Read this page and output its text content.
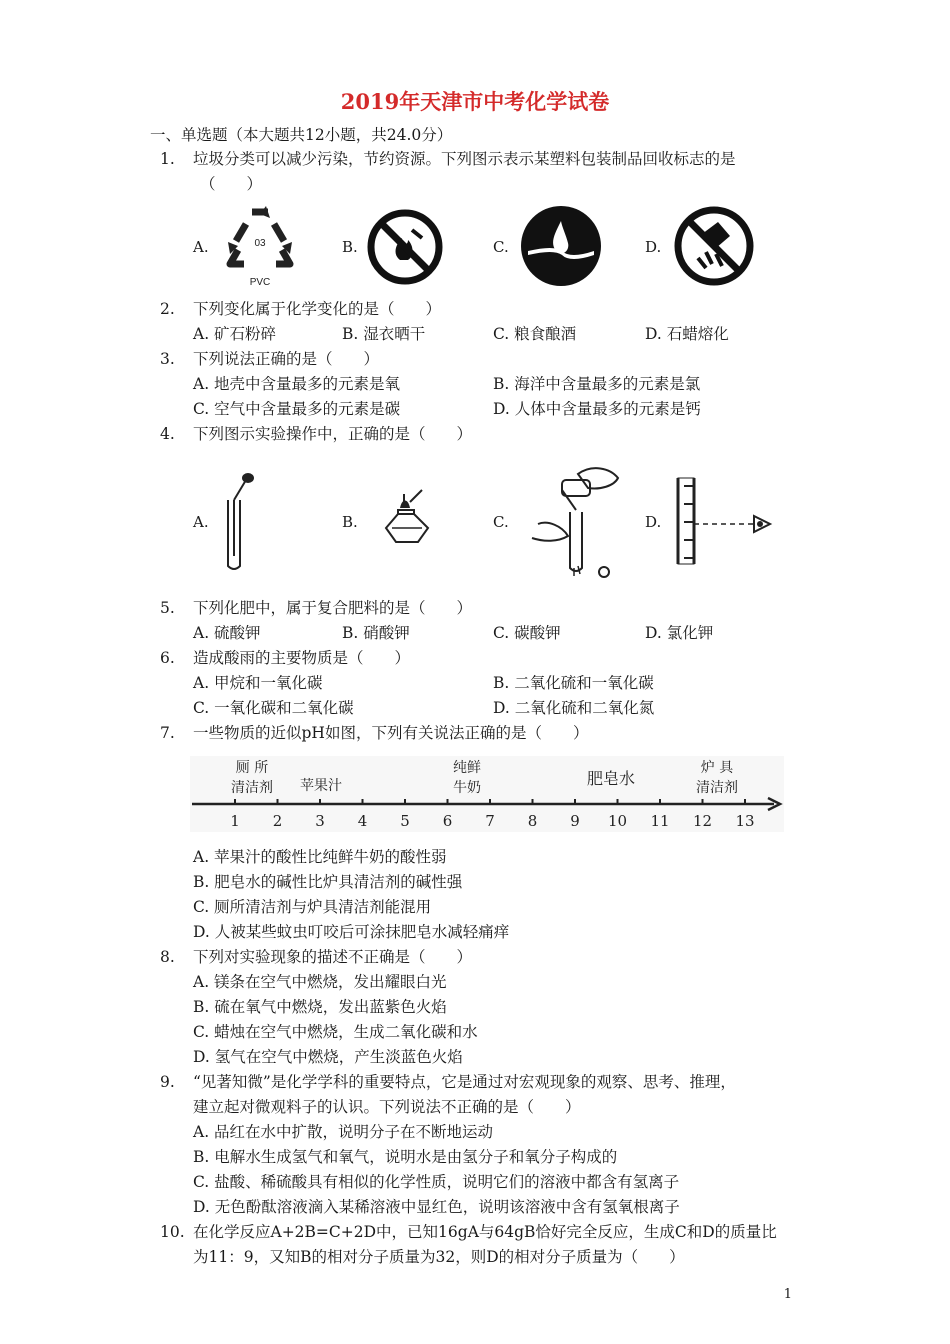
2019年天津市中考化学试卷
一、单选题（本大题共12小题，共24.0分）
1. 垃圾分类可以减少污染，节约资源。下列图示表示某塑料包装制品回收标志的是
（　　）
A.	03
PVC
B.	C.	D.
2. 下列变化属于化学变化的是（　　）
A. 矿石粉碎	B. 湿衣晒干	C. 粮食酿酒	D. 石蜡熔化
3. 下列说法正确的是（　　）
A. 地壳中含量最多的元素是氧	B. 海洋中含量最多的元素是氯
C. 空气中含量最多的元素是碳	D. 人体中含量最多的元素是钙
4. 下列图示实验操作中，正确的是（　　）
A.	B.	C.	D.
5. 下列化肥中，属于复合肥料的是（　　）
A. 硫酸钾	B. 硝酸钾	C. 碳酸钾	D. 氯化钾
6. 造成酸雨的主要物质是（　　）
A. 甲烷和一氧化碳	B. 二氧化硫和一氧化碳
C. 一氧化碳和二氧化碳	D. 二氧化硫和二氧化氮
7. 一些物质的近似pH如图，下列有关说法正确的是（　　）
1 2 3 4 5 6 7 8 9 10 11 12 13
厕 所
清洁剂 苹果汁
纯鲜
牛奶	肥皂水
炉 具
清洁剂
A. 苹果汁的酸性比纯鲜牛奶的酸性弱
B. 肥皂水的碱性比炉具清洁剂的碱性强
C. 厕所清洁剂与炉具清洁剂能混用
D. 人被某些蚊虫叮咬后可涂抹肥皂水减轻痛痒
8. 下列对实验现象的描述不正确是（　　）
A. 镁条在空气中燃烧，发出耀眼白光
B. 硫在氧气中燃烧，发出蓝紫色火焰
C. 蜡烛在空气中燃烧，生成二氧化碳和水
D. 氢气在空气中燃烧，产生淡蓝色火焰
9. “见著知微”是化学学科的重要特点，它是通过对宏观现象的观察、思考、推理，
建立起对微观料子的认识。下列说法不正确的是（　　）
A. 品红在水中扩散，说明分子在不断地运动
B. 电解水生成氢气和氧气，说明水是由氢分子和氧分子构成的
C. 盐酸、稀硫酸具有相似的化学性质，说明它们的溶液中都含有氢离子
D. 无色酚酞溶液滴入某稀溶液中显红色，说明该溶液中含有氢氧根离子
10. 在化学反应A+2B=C+2D中，已知16gA与64gB恰好完全反应，生成C和D的质量比
为11：9，又知B的相对分子质量为32，则D的相对分子质量为（　　）
1
